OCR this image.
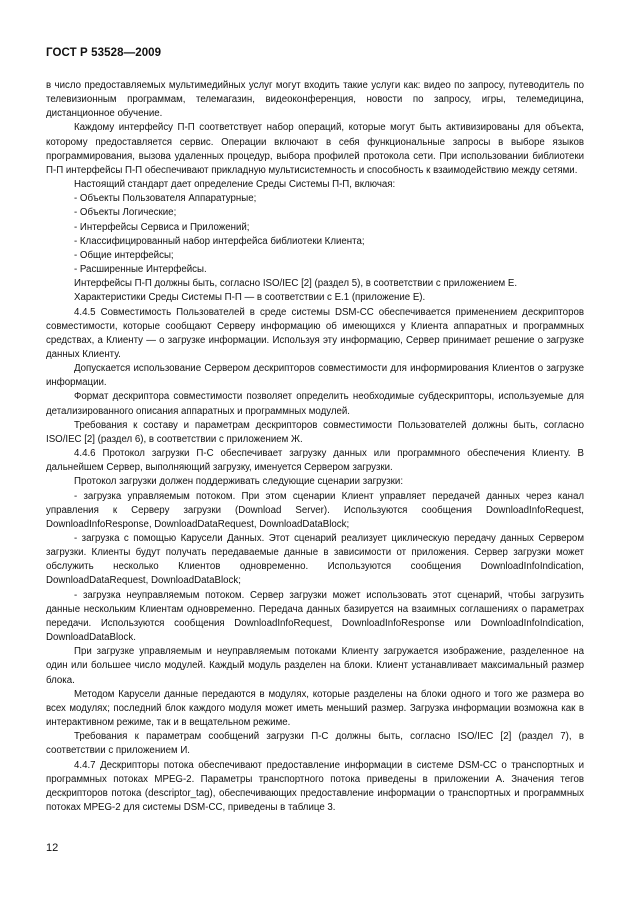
ГОСТ Р 53528—2009

в число предоставляемых мультимедийных услуг могут входить такие услуги как: видео по запросу, путеводитель по телевизионным программам, телемагазин, видеоконференция, новости по запросу, игры, телемедицина, дистанционное обучение.

Каждому интерфейсу П-П соответствует набор операций, которые могут быть активизированы для объекта, которому предоставляется сервис. Операции включают в себя функциональные запросы в выборе языков программирования, вызова удаленных процедур, выбора профилей протокола сети. При использовании библиотеки П-П интерфейсы П-П обеспечивают прикладную мультисистемность и способность к взаимодействию между сетями.

Настоящий стандарт дает определение Среды Системы П-П, включая:

- Объекты Пользователя Аппаратурные;

- Объекты Логические;

- Интерфейсы Сервиса и Приложений;

- Классифицированный набор интерфейса библиотеки Клиента;

- Общие интерфейсы;

- Расширенные Интерфейсы.

Интерфейсы П-П должны быть, согласно ISO/IEC [2] (раздел 5), в соответствии с приложением Е.

Характеристики Среды Системы П-П — в соответствии с Е.1 (приложение Е).

4.4.5 Совместимость Пользователей в среде системы DSM-CC обеспечивается применением дескрипторов совместимости, которые сообщают Серверу информацию об имеющихся у Клиента аппаратных и программных средствах, а Клиенту — о загрузке информации. Используя эту информацию, Сервер принимает решение о загрузке данных Клиенту.

Допускается использование Сервером дескрипторов совместимости для информирования Клиентов о загрузке информации.

Формат дескриптора совместимости позволяет определить необходимые субдескрипторы, используемые для детализированного описания аппаратных и программных модулей.

Требования к составу и параметрам дескрипторов совместимости Пользователей должны быть, согласно ISO/IEC [2] (раздел 6), в соответствии с приложением Ж.

4.4.6 Протокол загрузки П-С обеспечивает загрузку данных или программного обеспечения Клиенту. В дальнейшем Сервер, выполняющий загрузку, именуется Сервером загрузки.

Протокол загрузки должен поддерживать следующие сценарии загрузки:

- загрузка управляемым потоком. При этом сценарии Клиент управляет передачей данных через канал управления к Серверу загрузки (Download Server). Используются сообщения DownloadInfoRequest, DownloadInfoResponse, DownloadDataRequest, DownloadDataBlock;

- загрузка с помощью Карусели Данных. Этот сценарий реализует циклическую передачу данных Сервером загрузки. Клиенты будут получать передаваемые данные в зависимости от приложения. Сервер загрузки может обслужить несколько Клиентов одновременно. Используются сообщения DownloadInfoIndication, DownloadDataRequest, DownloadDataBlock;

- загрузка неуправляемым потоком. Сервер загрузки может использовать этот сценарий, чтобы загрузить данные нескольким Клиентам одновременно. Передача данных базируется на взаимных соглашениях о параметрах передачи. Используются сообщения DownloadInfoRequest, DownloadInfoResponse или DownloadInfoIndication, DownloadDataBlock.

При загрузке управляемым и неуправляемым потоками Клиенту загружается изображение, разделенное на один или большее число модулей. Каждый модуль разделен на блоки. Клиент устанавливает максимальный размер блока.

Методом Карусели данные передаются в модулях, которые разделены на блоки одного и того же размера во всех модулях; последний блок каждого модуля может иметь меньший размер. Загрузка информации возможна как в интерактивном режиме, так и в вещательном режиме.

Требования к параметрам сообщений загрузки П-С должны быть, согласно ISO/IEC [2] (раздел 7), в соответствии с приложением И.

4.4.7 Дескрипторы потока обеспечивают предоставление информации в системе DSM-CC о транспортных и программных потоках MPEG-2. Параметры транспортного потока приведены в приложении А. Значения тегов дескрипторов потока (descriptor_tag), обеспечивающих предоставление информации о транспортных и программных потоках MPEG-2 для системы DSM-CC, приведены в таблице 3.

12
